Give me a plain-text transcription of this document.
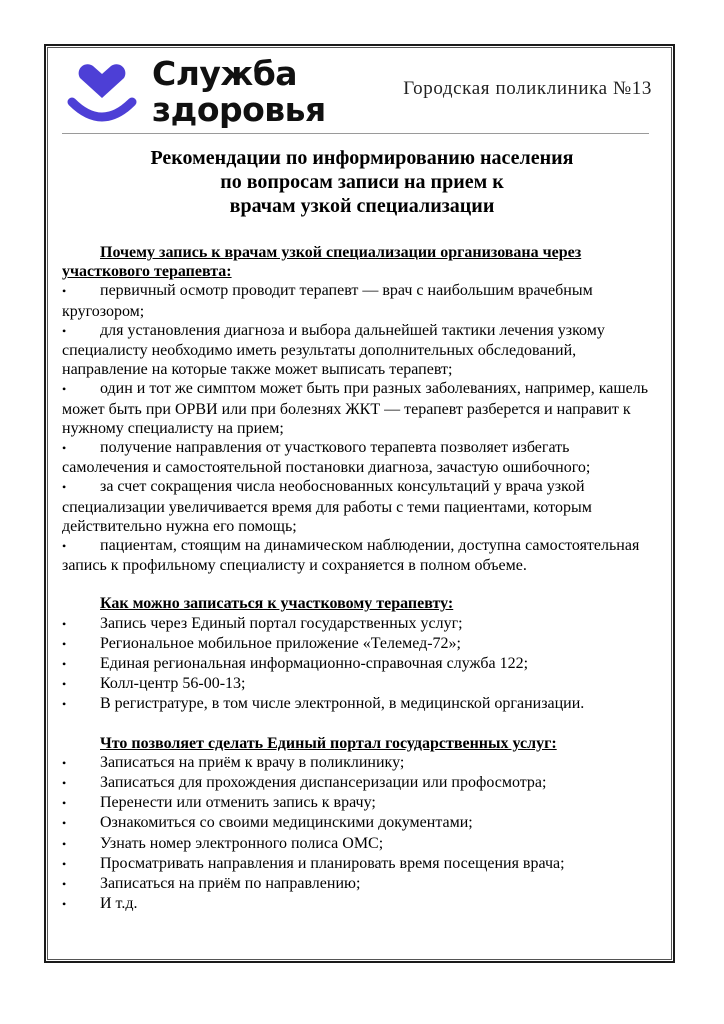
Служба
здоровья
Городская поликлиника №13
Рекомендации по информированию населения
по вопросам записи на прием к
врачам узкой специализации

Почему запись к врачам узкой специализации организована через участкового терапевта:

• первичный осмотр проводит терапевт — врач с наибольшим врачебным кругозором;

• для установления диагноза и выбора дальнейшей тактики лечения узкому специалисту необходимо иметь результаты дополнительных обследований, направление на которые также может выписать терапевт;

• один и тот же симптом может быть при разных заболеваниях, например, кашель может быть при ОРВИ или при болезнях ЖКТ — терапевт разберется и направит к нужному специалисту на прием;

• получение направления от участкового терапевта позволяет избегать самолечения и самостоятельной постановки диагноза, зачастую ошибочного;

• за счет сокращения числа необоснованных консультаций у врача узкой специализации увеличивается время для работы с теми пациентами, которым действительно нужна его помощь;

• пациентам, стоящим на динамическом наблюдении, доступна самостоятельная запись к профильному специалисту и сохраняется в полном объеме.

Как можно записаться к участковому терапевту:

•	Запись через Единый портал государственных услуг;
•	Региональное мобильное приложение «Телемед-72»;
•	Единая региональная информационно-справочная служба 122;
•	Колл-центр 56-00-13;
•	В регистратуре, в том числе электронной, в медицинской организации.

Что позволяет сделать Единый портал государственных услуг:

•	Записаться на приём к врачу в поликлинику;
•	Записаться для прохождения диспансеризации или профосмотра;
•	Перенести или отменить запись к врачу;
•	Ознакомиться со своими медицинскими документами;
•	Узнать номер электронного полиса ОМС;
•	Просматривать направления и планировать время посещения врача;
•	Записаться на приём по направлению;
•	И т.д.
